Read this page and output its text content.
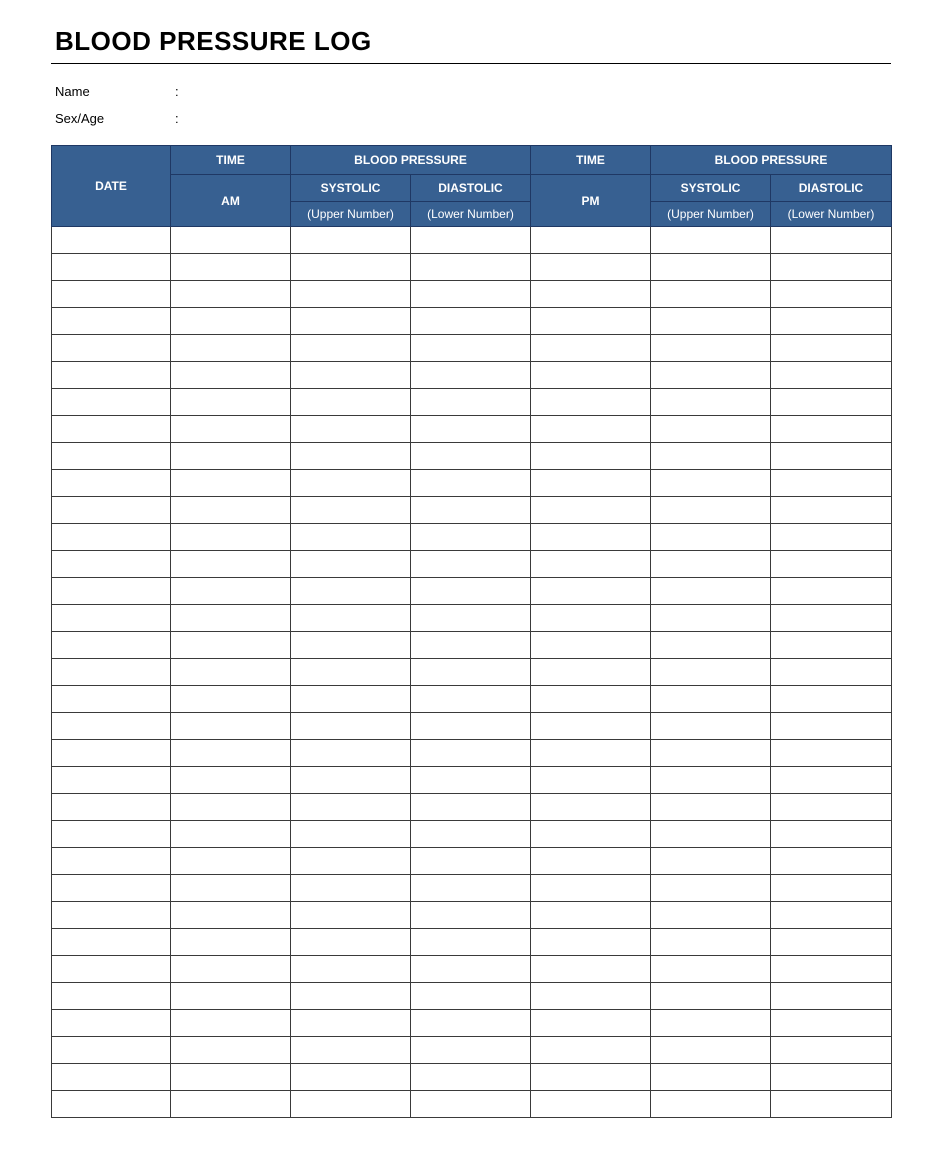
BLOOD PRESSURE LOG
Name	:
Sex/Age	:
DATE	TIME	BLOOD PRESSURE		TIME	BLOOD PRESSURE	
	AM	SYSTOLIC	DIASTOLIC	PM	SYSTOLIC	DIASTOLIC
		(Upper Number)	(Lower Number)		(Upper Number)	(Lower Number)
